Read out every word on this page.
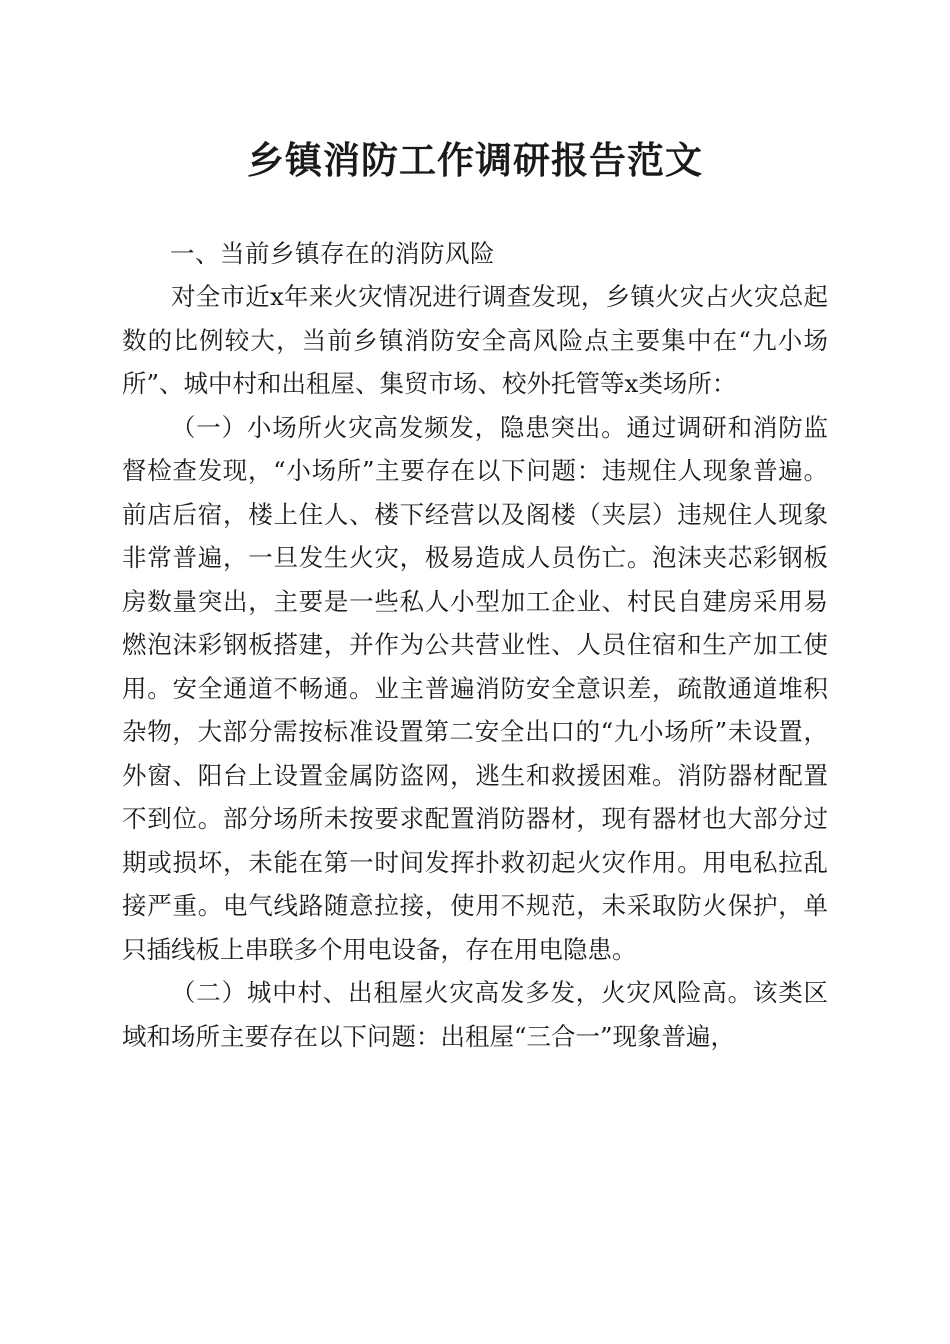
乡镇消防工作调研报告范文
一、当前乡镇存在的消防风险

对全市近x年来火灾情况进行调查发现，乡镇火灾占火灾总起数的比例较大，当前乡镇消防安全高风险点主要集中在“九小场所”、城中村和出租屋、集贸市场、校外托管等x类场所：

（一）小场所火灾高发频发，隐患突出。通过调研和消防监督检查发现，“小场所”主要存在以下问题：违规住人现象普遍。前店后宿，楼上住人、楼下经营以及阁楼（夹层）违规住人现象非常普遍，一旦发生火灾，极易造成人员伤亡。泡沫夹芯彩钢板房数量突出，主要是一些私人小型加工企业、村民自建房采用易燃泡沫彩钢板搭建，并作为公共营业性、人员住宿和生产加工使用。安全通道不畅通。业主普遍消防安全意识差，疏散通道堆积杂物，大部分需按标准设置第二安全出口的“九小场所”未设置，外窗、阳台上设置金属防盗网，逃生和救援困难。消防器材配置不到位。部分场所未按要求配置消防器材，现有器材也大部分过期或损坏，未能在第一时间发挥扑救初起火灾作用。用电私拉乱接严重。电气线路随意拉接，使用不规范，未采取防火保护，单只插线板上串联多个用电设备，存在用电隐患。

（二）城中村、出租屋火灾高发多发，火灾风险高。该类区域和场所主要存在以下问题：出租屋“三合一”现象普遍，
